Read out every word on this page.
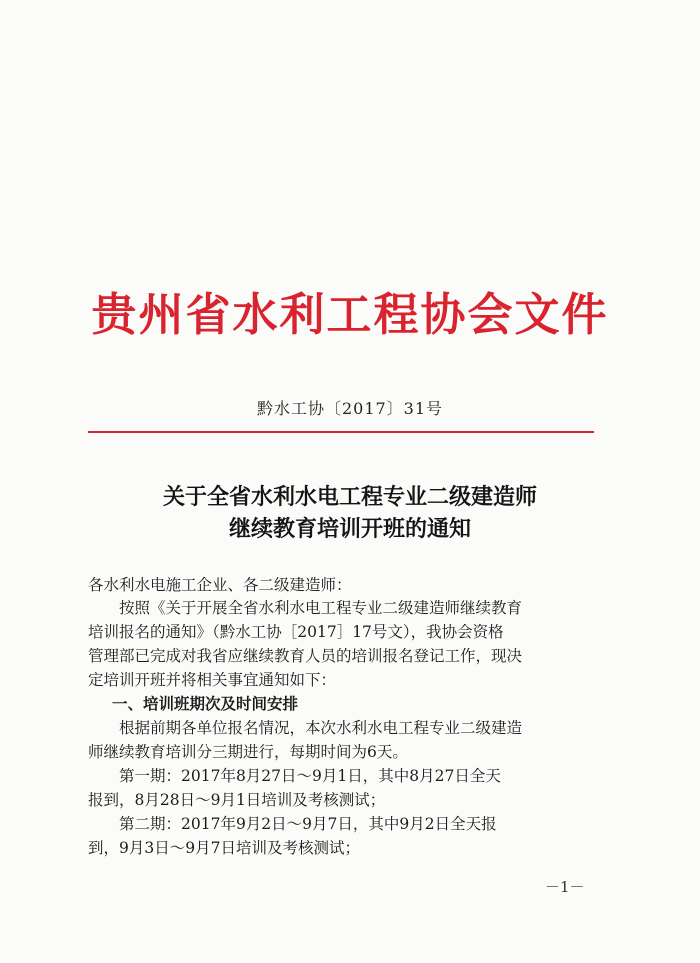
贵州省水利工程协会文件
黔水工协〔2017〕31号
关于全省水利水电工程专业二级建造师
继续教育培训开班的通知
各水利水电施工企业、各二级建造师：
按照《关于开展全省水利水电工程专业二级建造师继续教育
培训报名的通知》（黔水工协［2017］17号文），我协会资格
管理部已完成对我省应继续教育人员的培训报名登记工作，现决
定培训开班并将相关事宜通知如下：
一、培训班期次及时间安排
根据前期各单位报名情况，本次水利水电工程专业二级建造
师继续教育培训分三期进行，每期时间为6天。
第一期：2017年8月27日～9月1日，其中8月27日全天
报到，8月28日～9月1日培训及考核测试；
第二期：2017年9月2日～9月7日，其中9月2日全天报
到，9月3日～9月7日培训及考核测试；
－1－
